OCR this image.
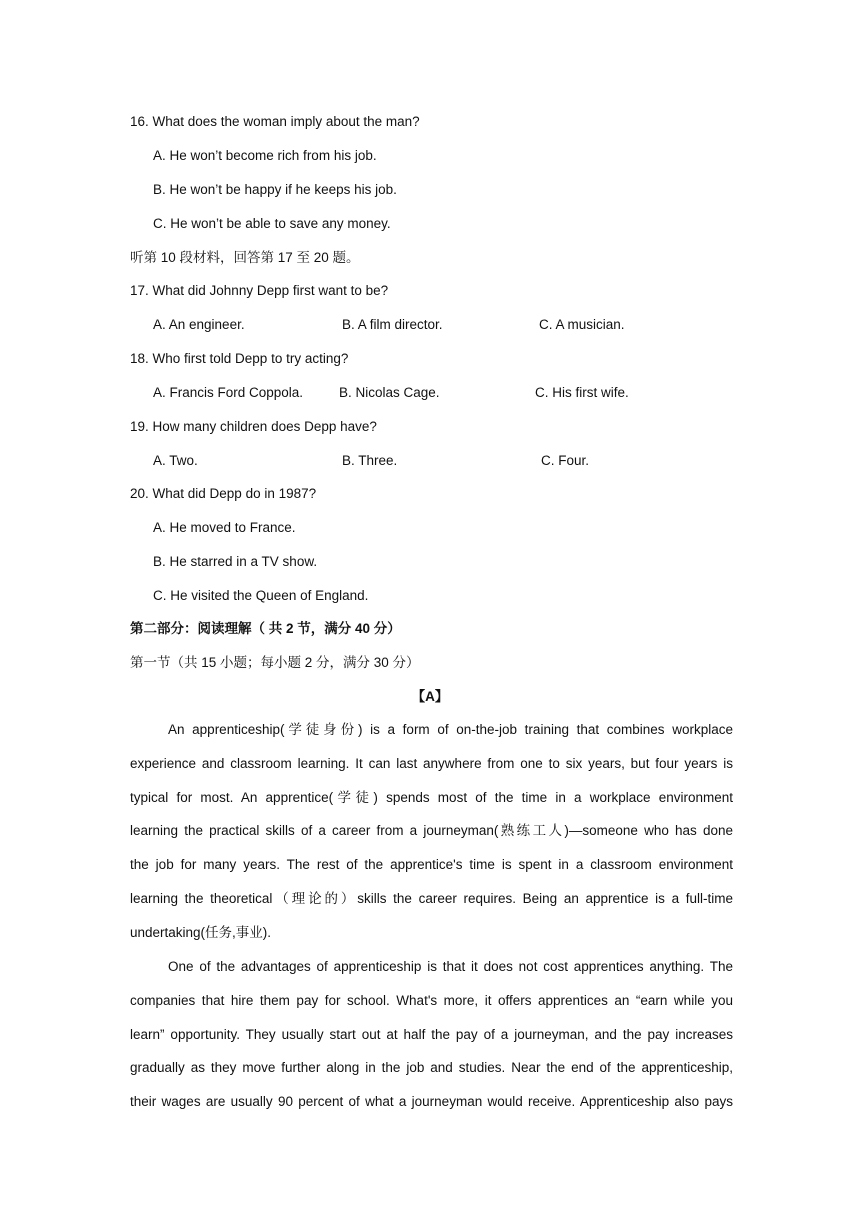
16. What does the woman imply about the man?
A. He won’t become rich from his job.
B. He won’t be happy if he keeps his job.
C. He won’t be able to save any money.
听第 10 段材料，回答第 17 至 20 题。
17. What did Johnny Depp first want to be?
A. An engineer.	B. A film director.	C. A musician.
18. Who first told Depp to try acting?
A. Francis Ford Coppola.	B. Nicolas Cage.	C. His first wife.
19. How many children does Depp have?
A. Two.	B. Three.	C. Four.
20. What did Depp do in 1987?
A. He moved to France.
B. He starred in a TV show.
C. He visited the Queen of England.
第二部分：阅读理解（ 共 2 节，满分 40 分）
第一节（共 15 小题；每小题 2 分，满分 30 分）
【A】
An apprenticeship(学徒身份) is a form of on-the-job training that combines workplace
experience and classroom learning. It can last anywhere from one to six years, but four years is
typical for most. An apprentice(学徒) spends most of the time in a workplace environment
learning the practical skills of a career from a journeyman(熟练工人)—someone who has done
the job for many years. The rest of the apprentice's time is spent in a classroom environment
learning the theoretical（理论的）skills the career requires. Being an apprentice is a full-time
undertaking(任务,事业).
One of the advantages of apprenticeship is that it does not cost apprentices anything. The
companies that hire them pay for school. What's more, it offers apprentices an “earn while you
learn” opportunity. They usually start out at half the pay of a journeyman, and the pay increases
gradually as they move further along in the job and studies. Near the end of the apprenticeship,
their wages are usually 90 percent of what a journeyman would receive. Apprenticeship also pays
